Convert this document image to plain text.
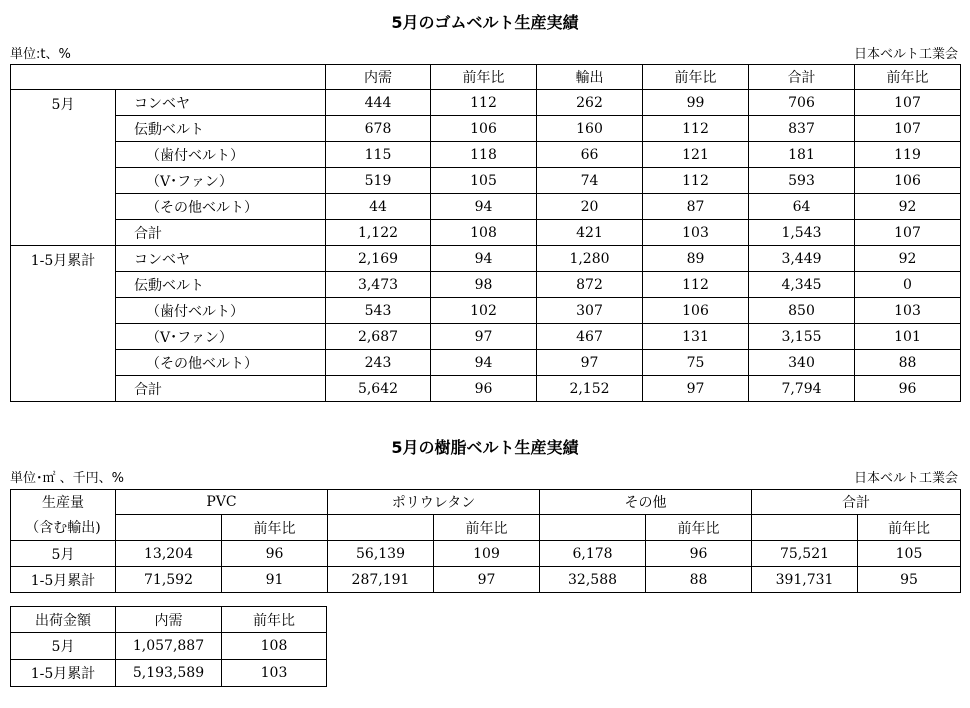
5月のゴムベルト生産実績
単位:t、%	日本ベルト工業会
		内需	前年比	輸出	前年比	合計	前年比
5月	コンベヤ	444	112	262	99	706	107
	伝動ベルト	678	106	160	112	837	107
	（歯付ベルト）	115	118	66	121	181	119
	（V･ファン）	519	105	74	112	593	106
	（その他ベルト）	44	94	20	87	64	92
	合計	1,122	108	421	103	1,543	107
1-5月累計	コンベヤ	2,169	94	1,280	89	3,449	92
	伝動ベルト	3,473	98	872	112	4,345	0
	（歯付ベルト）	543	102	307	106	850	103
	（V･ファン）	2,687	97	467	131	3,155	101
	（その他ベルト）	243	94	97	75	340	88
	合計	5,642	96	2,152	97	7,794	96
5月の樹脂ベルト生産実績
単位･㎡ 、千円、%	日本ベルト工業会
生産量	PVC		ポリウレタン		その他		合計	
（含む輸出)		前年比		前年比		前年比		前年比
5月	13,204	96	56,139	109	6,178	96	75,521	105
1-5月累計	71,592	91	287,191	97	32,588	88	391,731	95
出荷金額	内需	前年比
5月	1,057,887	108
1-5月累計	5,193,589	103
